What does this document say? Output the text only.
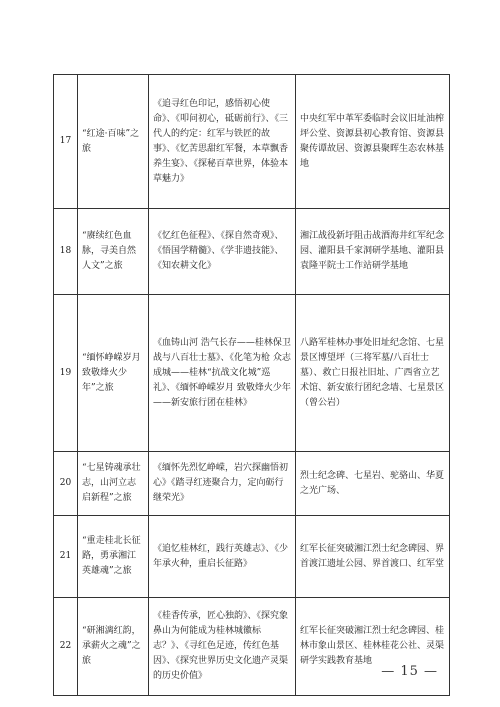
17	“红途·百味”之旅	《追寻红色印记，感悟初心使命》、《叩问初心，砥砺前行》、《三代人的约定：红军与铁匠的故事》、《忆苦思甜红军餐，本草飘香养生宴》、《探秘百草世界，体验本草魅力》	中央红军中革军委临时会议旧址油榨坪公堂、资源县初心教育馆、资源县聚传谭故居、资源县聚晖生态农林基地
18	“赓续红色血脉，寻美自然人文”之旅	《忆红色征程》、《探自然奇观》、《悟国学精髓》、《学非遗技能》、《知农耕文化》	湘江战役新圩阻击战酒海井红军纪念园、灌阳县千家洞研学基地、灌阳县袁隆平院士工作站研学基地
19	“缅怀峥嵘岁月 致敬烽火少年”之旅	《血铸山河 浩气长存——桂林保卫战与八百壮士墓》、《化笔为枪 众志成城——桂林“抗战文化城”巡礼》、《缅怀峥嵘岁月 致敬烽火少年——新安旅行团在桂林》	八路军桂林办事处旧址纪念馆、七星景区博望坪（三将军墓/八百壮士墓）、救亡日报社旧址、广西省立艺术馆、新安旅行团纪念墙、七星景区（曾公岩）
20	“七星铸魂承壮志，山河立志启新程”之旅	《缅怀先烈忆峥嵘，岩穴探幽悟初心》《踏寻红迹聚合力，定向砺行继荣光》	烈士纪念碑、七星岩、驼骆山、华夏之光广场、
21	“重走桂北长征路，勇承湘江英雄魂”之旅	《追忆桂林红，践行英雄志》、《少年承火种，重启长征路》	红军长征突破湘江烈士纪念碑园、界首渡江遗址公园、界首渡口、红军堂
22	“研湘漓红韵，承薪火之魂”之旅	《桂香传承，匠心独韵》、《探究象鼻山为何能成为桂林城徽标志？》、《寻红色足迹，传红色基因》、《探究世界历史文化遗产灵渠的历史价值》	红军长征突破湘江烈士纪念碑园、桂林市象山景区、桂林桂花公社、灵渠研学实践教育基地
— 15 —
